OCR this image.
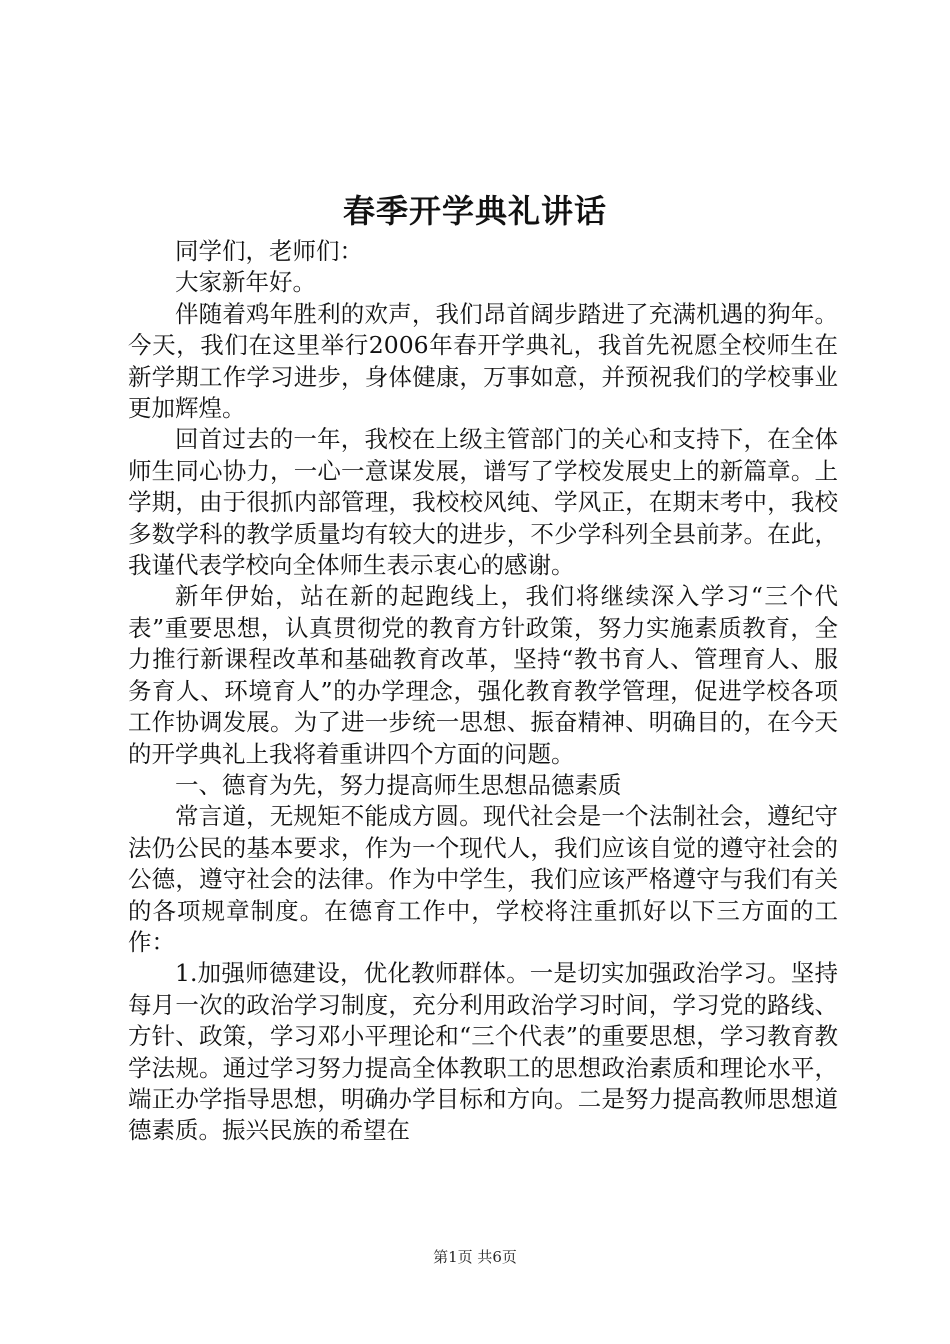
春季开学典礼讲话

同学们，老师们：

大家新年好。

伴随着鸡年胜利的欢声，我们昂首阔步踏进了充满机遇的狗年。今天，我们在这里举行2006年春开学典礼，我首先祝愿全校师生在新学期工作学习进步，身体健康，万事如意，并预祝我们的学校事业更加辉煌。

回首过去的一年，我校在上级主管部门的关心和支持下，在全体师生同心协力，一心一意谋发展，谱写了学校发展史上的新篇章。上学期，由于很抓内部管理，我校校风纯、学风正，在期末考中，我校多数学科的教学质量均有较大的进步，不少学科列全县前茅。在此，我谨代表学校向全体师生表示衷心的感谢。

新年伊始，站在新的起跑线上，我们将继续深入学习“三个代表”重要思想，认真贯彻党的教育方针政策，努力实施素质教育，全力推行新课程改革和基础教育改革，坚持“教书育人、管理育人、服务育人、环境育人”的办学理念，强化教育教学管理，促进学校各项工作协调发展。为了进一步统一思想、振奋精神、明确目的，在今天的开学典礼上我将着重讲四个方面的问题。

一、德育为先，努力提高师生思想品德素质

常言道，无规矩不能成方圆。现代社会是一个法制社会，遵纪守法仍公民的基本要求，作为一个现代人，我们应该自觉的遵守社会的公德，遵守社会的法律。作为中学生，我们应该严格遵守与我们有关的各项规章制度。在德育工作中，学校将注重抓好以下三方面的工作：

1.加强师德建设，优化教师群体。一是切实加强政治学习。坚持每月一次的政治学习制度，充分利用政治学习时间，学习党的路线、方针、政策，学习邓小平理论和“三个代表”的重要思想，学习教育教学法规。通过学习努力提高全体教职工的思想政治素质和理论水平，端正办学指导思想，明确办学目标和方向。二是努力提高教师思想道德素质。振兴民族的希望在

第1页 共6页
